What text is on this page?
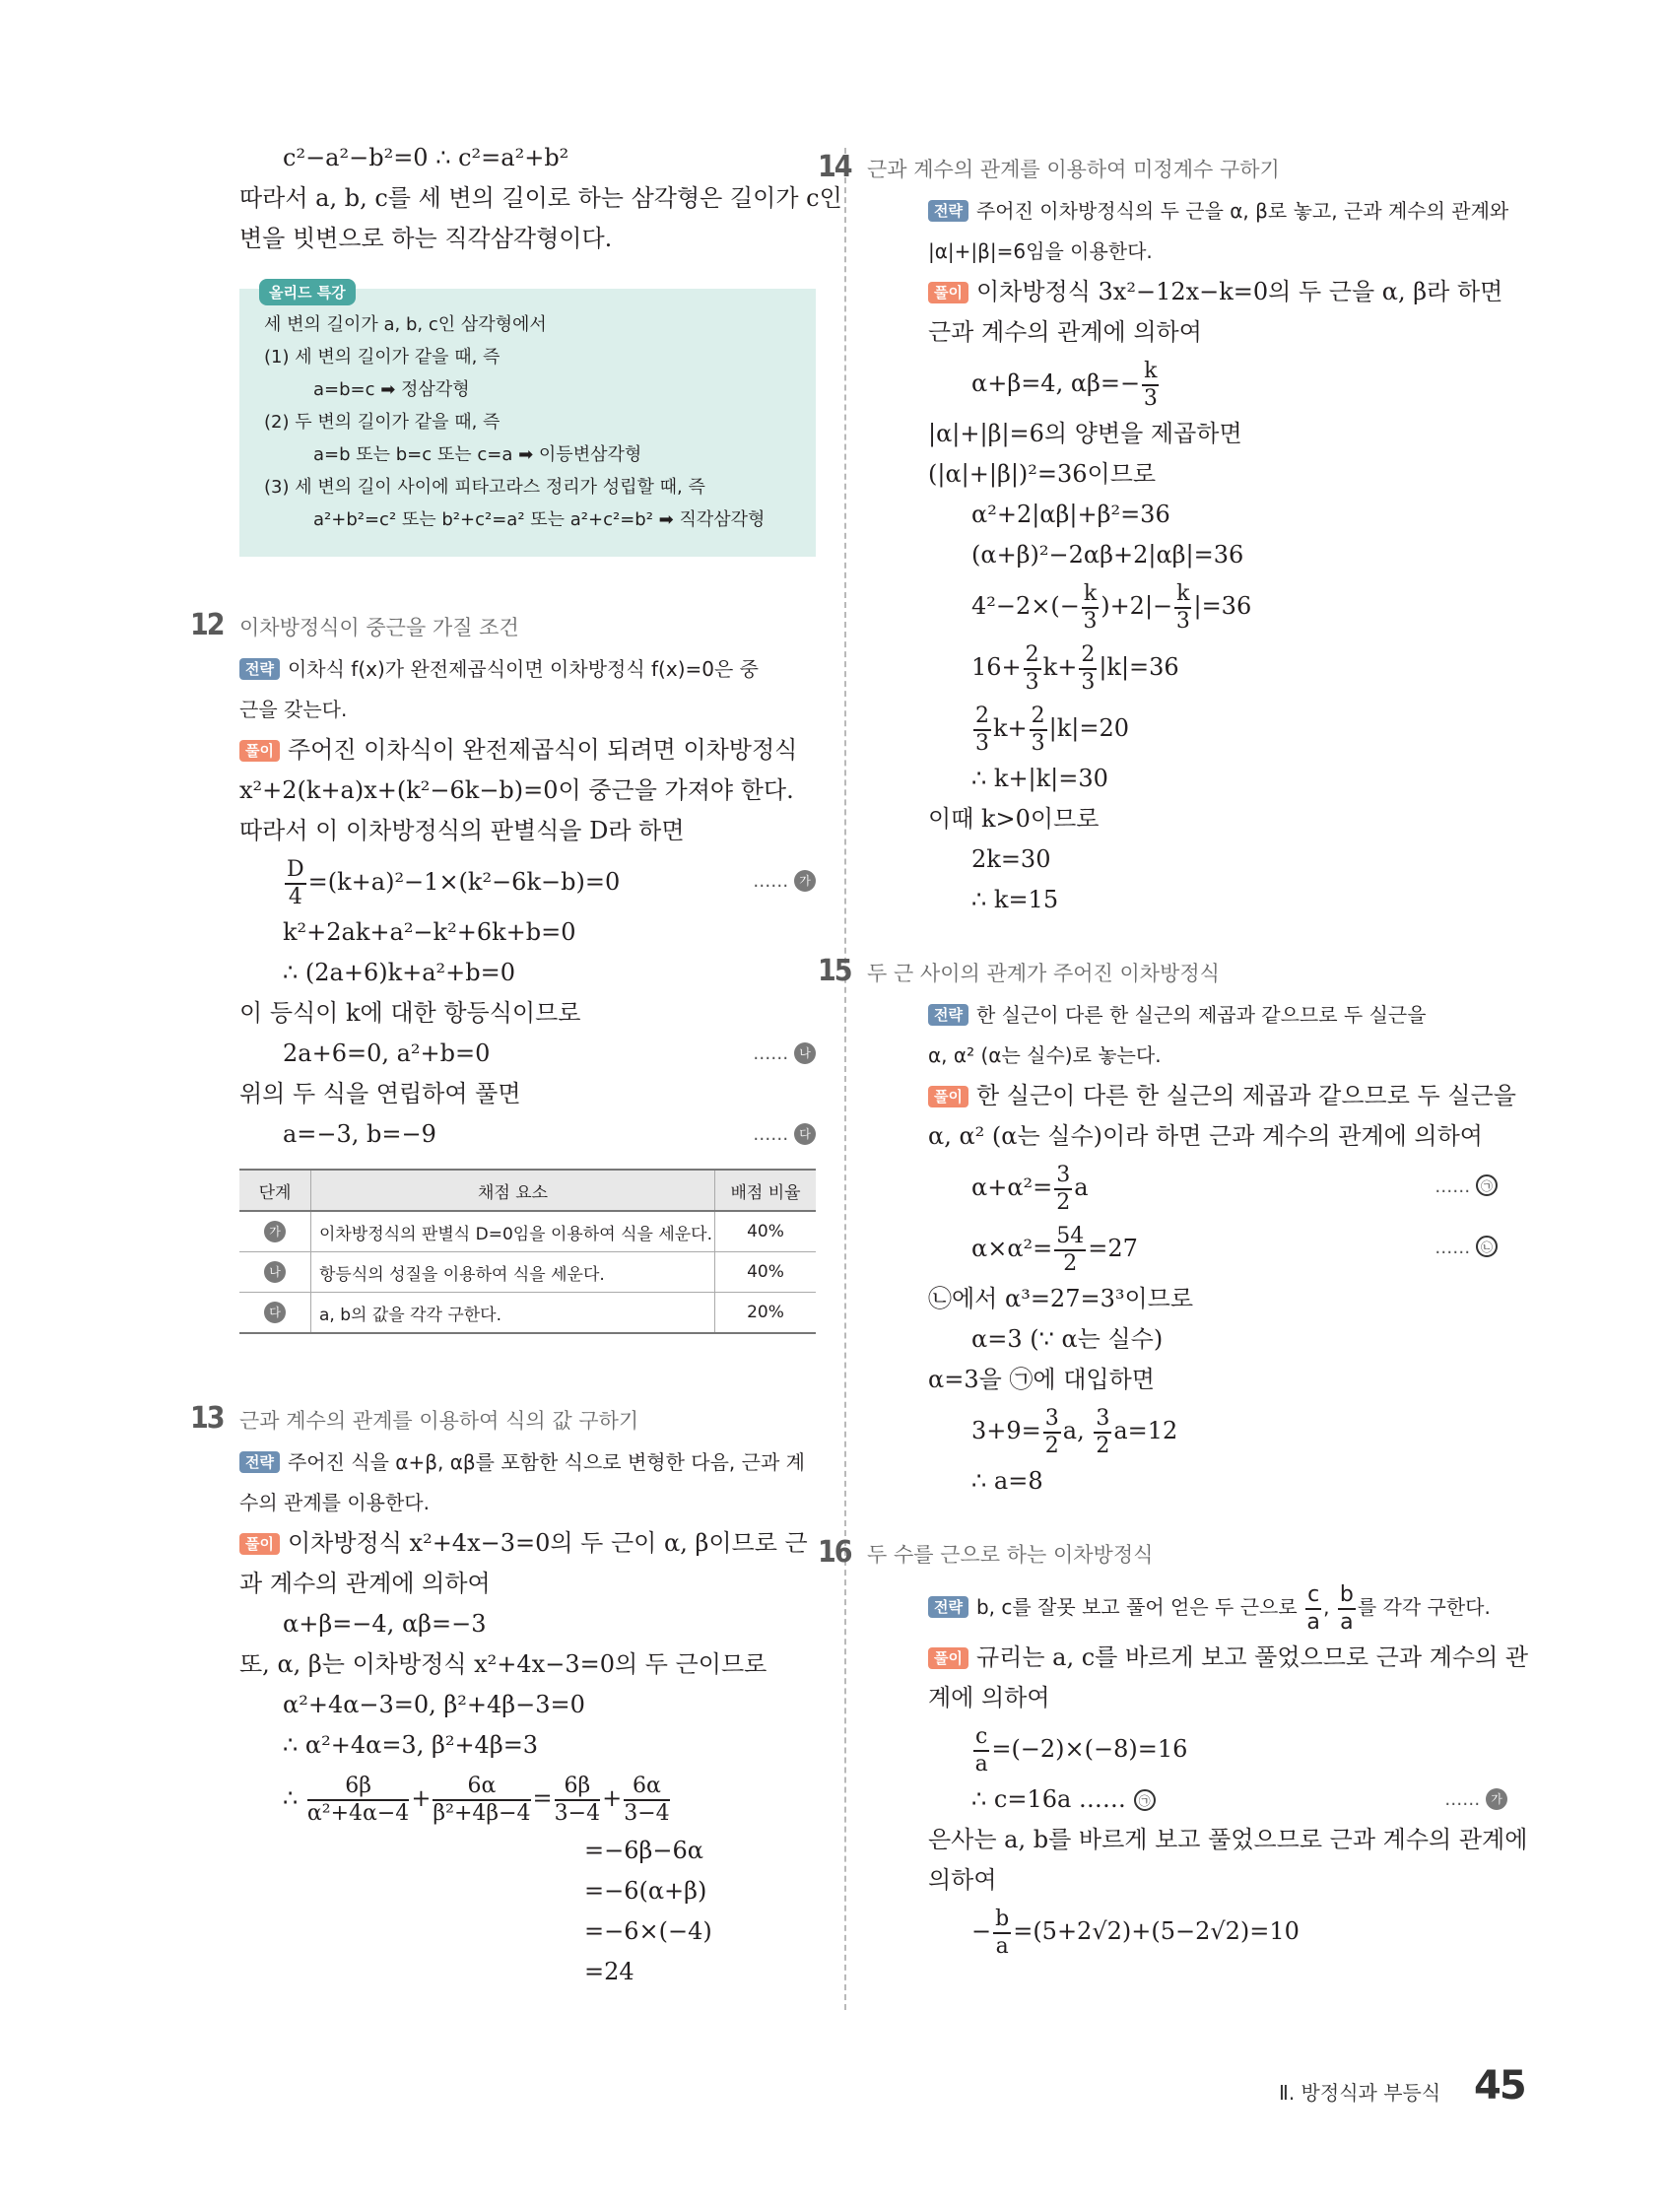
c²−a²−b²=0 ∴ c²=a²+b²
따라서 a, b, c를 세 변의 길이로 하는 삼각형은 길이가 c인
변을 빗변으로 하는 직각삼각형이다.
올리드 특강
세 변의 길이가 a, b, c인 삼각형에서
(1) 세 변의 길이가 같을 때, 즉
a=b=c ➡ 정삼각형
(2) 두 변의 길이가 같을 때, 즉
a=b 또는 b=c 또는 c=a ➡ 이등변삼각형
(3) 세 변의 길이 사이에 피타고라스 정리가 성립할 때, 즉
a²+b²=c² 또는 b²+c²=a² 또는 a²+c²=b² ➡ 직각삼각형
12 이차방정식이 중근을 가질 조건
전략 이차식 f(x)가 완전제곱식이면 이차방정식 f(x)=0은 중
근을 갖는다.
풀이 주어진 이차식이 완전제곱식이 되려면 이차방정식
x²+2(k+a)x+(k²−6k−b)=0이 중근을 가져야 한다.
따라서 이 이차방정식의 판별식을 D라 하면
$\frac{D}{4} =(k+a)^2-1\times(k^2-6k-b)=0$	…… 가
k²+2ak+a²−k²+6k+b=0
∴ (2a+6)k+a²+b=0
이 등식이 k에 대한 항등식이므로
2a+6=0, a²+b=0	…… 나
위의 두 식을 연립하여 풀면
a=−3, b=−9	…… 다
단계	채점 요소	배점 비율
가	이차방정식의 판별식 D=0임을 이용하여 식을 세운다.	40%
나	항등식의 성질을 이용하여 식을 세운다.	40%
다	a, b의 값을 각각 구한다.	20%
13 근과 계수의 관계를 이용하여 식의 값 구하기
전략 주어진 식을 α+β, αβ를 포함한 식으로 변형한 다음, 근과 계
수의 관계를 이용한다.
풀이 이차방정식 x²+4x−3=0의 두 근이 α, β이므로 근
과 계수의 관계에 의하여
α+β=−4, αβ=−3
또, α, β는 이차방정식 x²+4x−3=0의 두 근이므로
α²+4α−3=0, β²+4β−3=0
∴ α²+4α=3, β²+4β=3
∴ $\frac{6\beta}{\text{α²+4α−4}} + \frac{6\alpha}{\text{β²+4β−4}} = \frac{6\beta}{3-4} + \frac{6\alpha}{3-4}$
=−6β−6α
=−6(α+β)
=−6×(−4)
=24
14 근과 계수의 관계를 이용하여 미정계수 구하기
전략 주어진 이차방정식의 두 근을 α, β로 놓고, 근과 계수의 관계와
|α|+|β|=6임을 이용한다.
풀이 이차방정식 3x²−12x−k=0의 두 근을 α, β라 하면
근과 계수의 관계에 의하여
α+β=4, $\alpha\beta=- \frac{k}{3}$
|α|+|β|=6의 양변을 제곱하면
(|α|+|β|)²=36이므로
α²+2|αβ|+β²=36
(α+β)²−2αβ+2|αβ|=36
$4^2-2\times(- \frac{k}{3} )+2|- \frac{k}{3} |=36$
$16+ \frac{2}{3} k+ \frac{2}{3} |k|=36$
$\frac{2}{3} k+ \frac{2}{3} |k|=20$
∴ k+|k|=30
이때 k>0이므로
2k=30
∴ k=15
15 두 근 사이의 관계가 주어진 이차방정식
전략 한 실근이 다른 한 실근의 제곱과 같으므로 두 실근을
α, α² (α는 실수)로 놓는다.
풀이 한 실근이 다른 한 실근의 제곱과 같으므로 두 실근을
α, α² (α는 실수)이라 하면 근과 계수의 관계에 의하여
$\alpha+\alpha^2= \frac{3}{2}$ a	…… ㉠
$\alpha\times\alpha^2= \frac{54}{2} =27$	…… ㉡
㉡에서 α³=27=3³이므로
α=3 (∵ α는 실수)
α=3을 ㉠에 대입하면
$3+9= \frac{3}{2} a$, $\frac{3}{2} a=12$
∴ a=8
16 두 수를 근으로 하는 이차방정식
전략 b, c를 잘못 보고 풀어 얻은 두 근으로 $\frac{c}{a}$ , $\frac{b}{a}$ 를 각각 구한다.
풀이 규리는 a, c를 바르게 보고 풀었으므로 근과 계수의 관
계에 의하여
$\frac{c}{a} =(-2)\times(-8)=16$
∴ c=16a …… ㉠	…… 가
은사는 a, b를 바르게 보고 풀었으므로 근과 계수의 관계에
의하여
− $\frac{b}{a} =(5+2√2)+(5-2√2)=10$
Ⅱ. 방정식과 부등식 45
